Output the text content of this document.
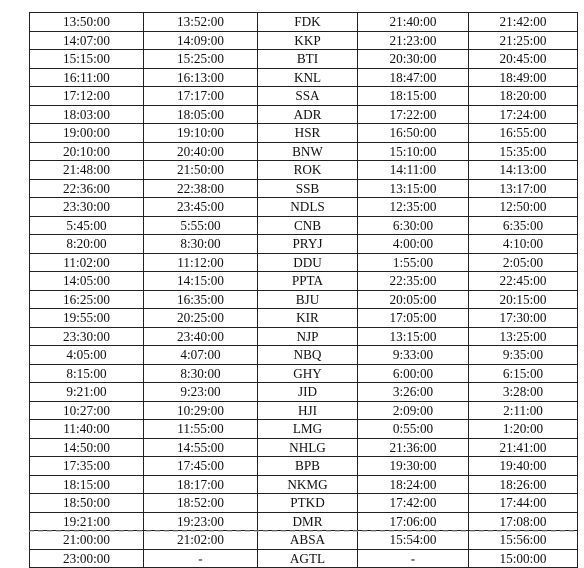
13:50:00	13:52:00	FDK	21:40:00	21:42:00
14:07:00	14:09:00	KKP	21:23:00	21:25:00
15:15:00	15:25:00	BTI	20:30:00	20:45:00
16:11:00	16:13:00	KNL	18:47:00	18:49:00
17:12:00	17:17:00	SSA	18:15:00	18:20:00
18:03:00	18:05:00	ADR	17:22:00	17:24:00
19:00:00	19:10:00	HSR	16:50:00	16:55:00
20:10:00	20:40:00	BNW	15:10:00	15:35:00
21:48:00	21:50:00	ROK	14:11:00	14:13:00
22:36:00	22:38:00	SSB	13:15:00	13:17:00
23:30:00	23:45:00	NDLS	12:35:00	12:50:00
5:45:00	5:55:00	CNB	6:30:00	6:35:00
8:20:00	8:30:00	PRYJ	4:00:00	4:10:00
11:02:00	11:12:00	DDU	1:55:00	2:05:00
14:05:00	14:15:00	PPTA	22:35:00	22:45:00
16:25:00	16:35:00	BJU	20:05:00	20:15:00
19:55:00	20:25:00	KIR	17:05:00	17:30:00
23:30:00	23:40:00	NJP	13:15:00	13:25:00
4:05:00	4:07:00	NBQ	9:33:00	9:35:00
8:15:00	8:30:00	GHY	6:00:00	6:15:00
9:21:00	9:23:00	JID	3:26:00	3:28:00
10:27:00	10:29:00	HJI	2:09:00	2:11:00
11:40:00	11:55:00	LMG	0:55:00	1:20:00
14:50:00	14:55:00	NHLG	21:36:00	21:41:00
17:35:00	17:45:00	BPB	19:30:00	19:40:00
18:15:00	18:17:00	NKMG	18:24:00	18:26:00
18:50:00	18:52:00	PTKD	17:42:00	17:44:00
19:21:00	19:23:00	DMR	17:06:00	17:08:00
21:00:00	21:02:00	ABSA	15:54:00	15:56:00
23:00:00	-	AGTL	-	15:00:00
